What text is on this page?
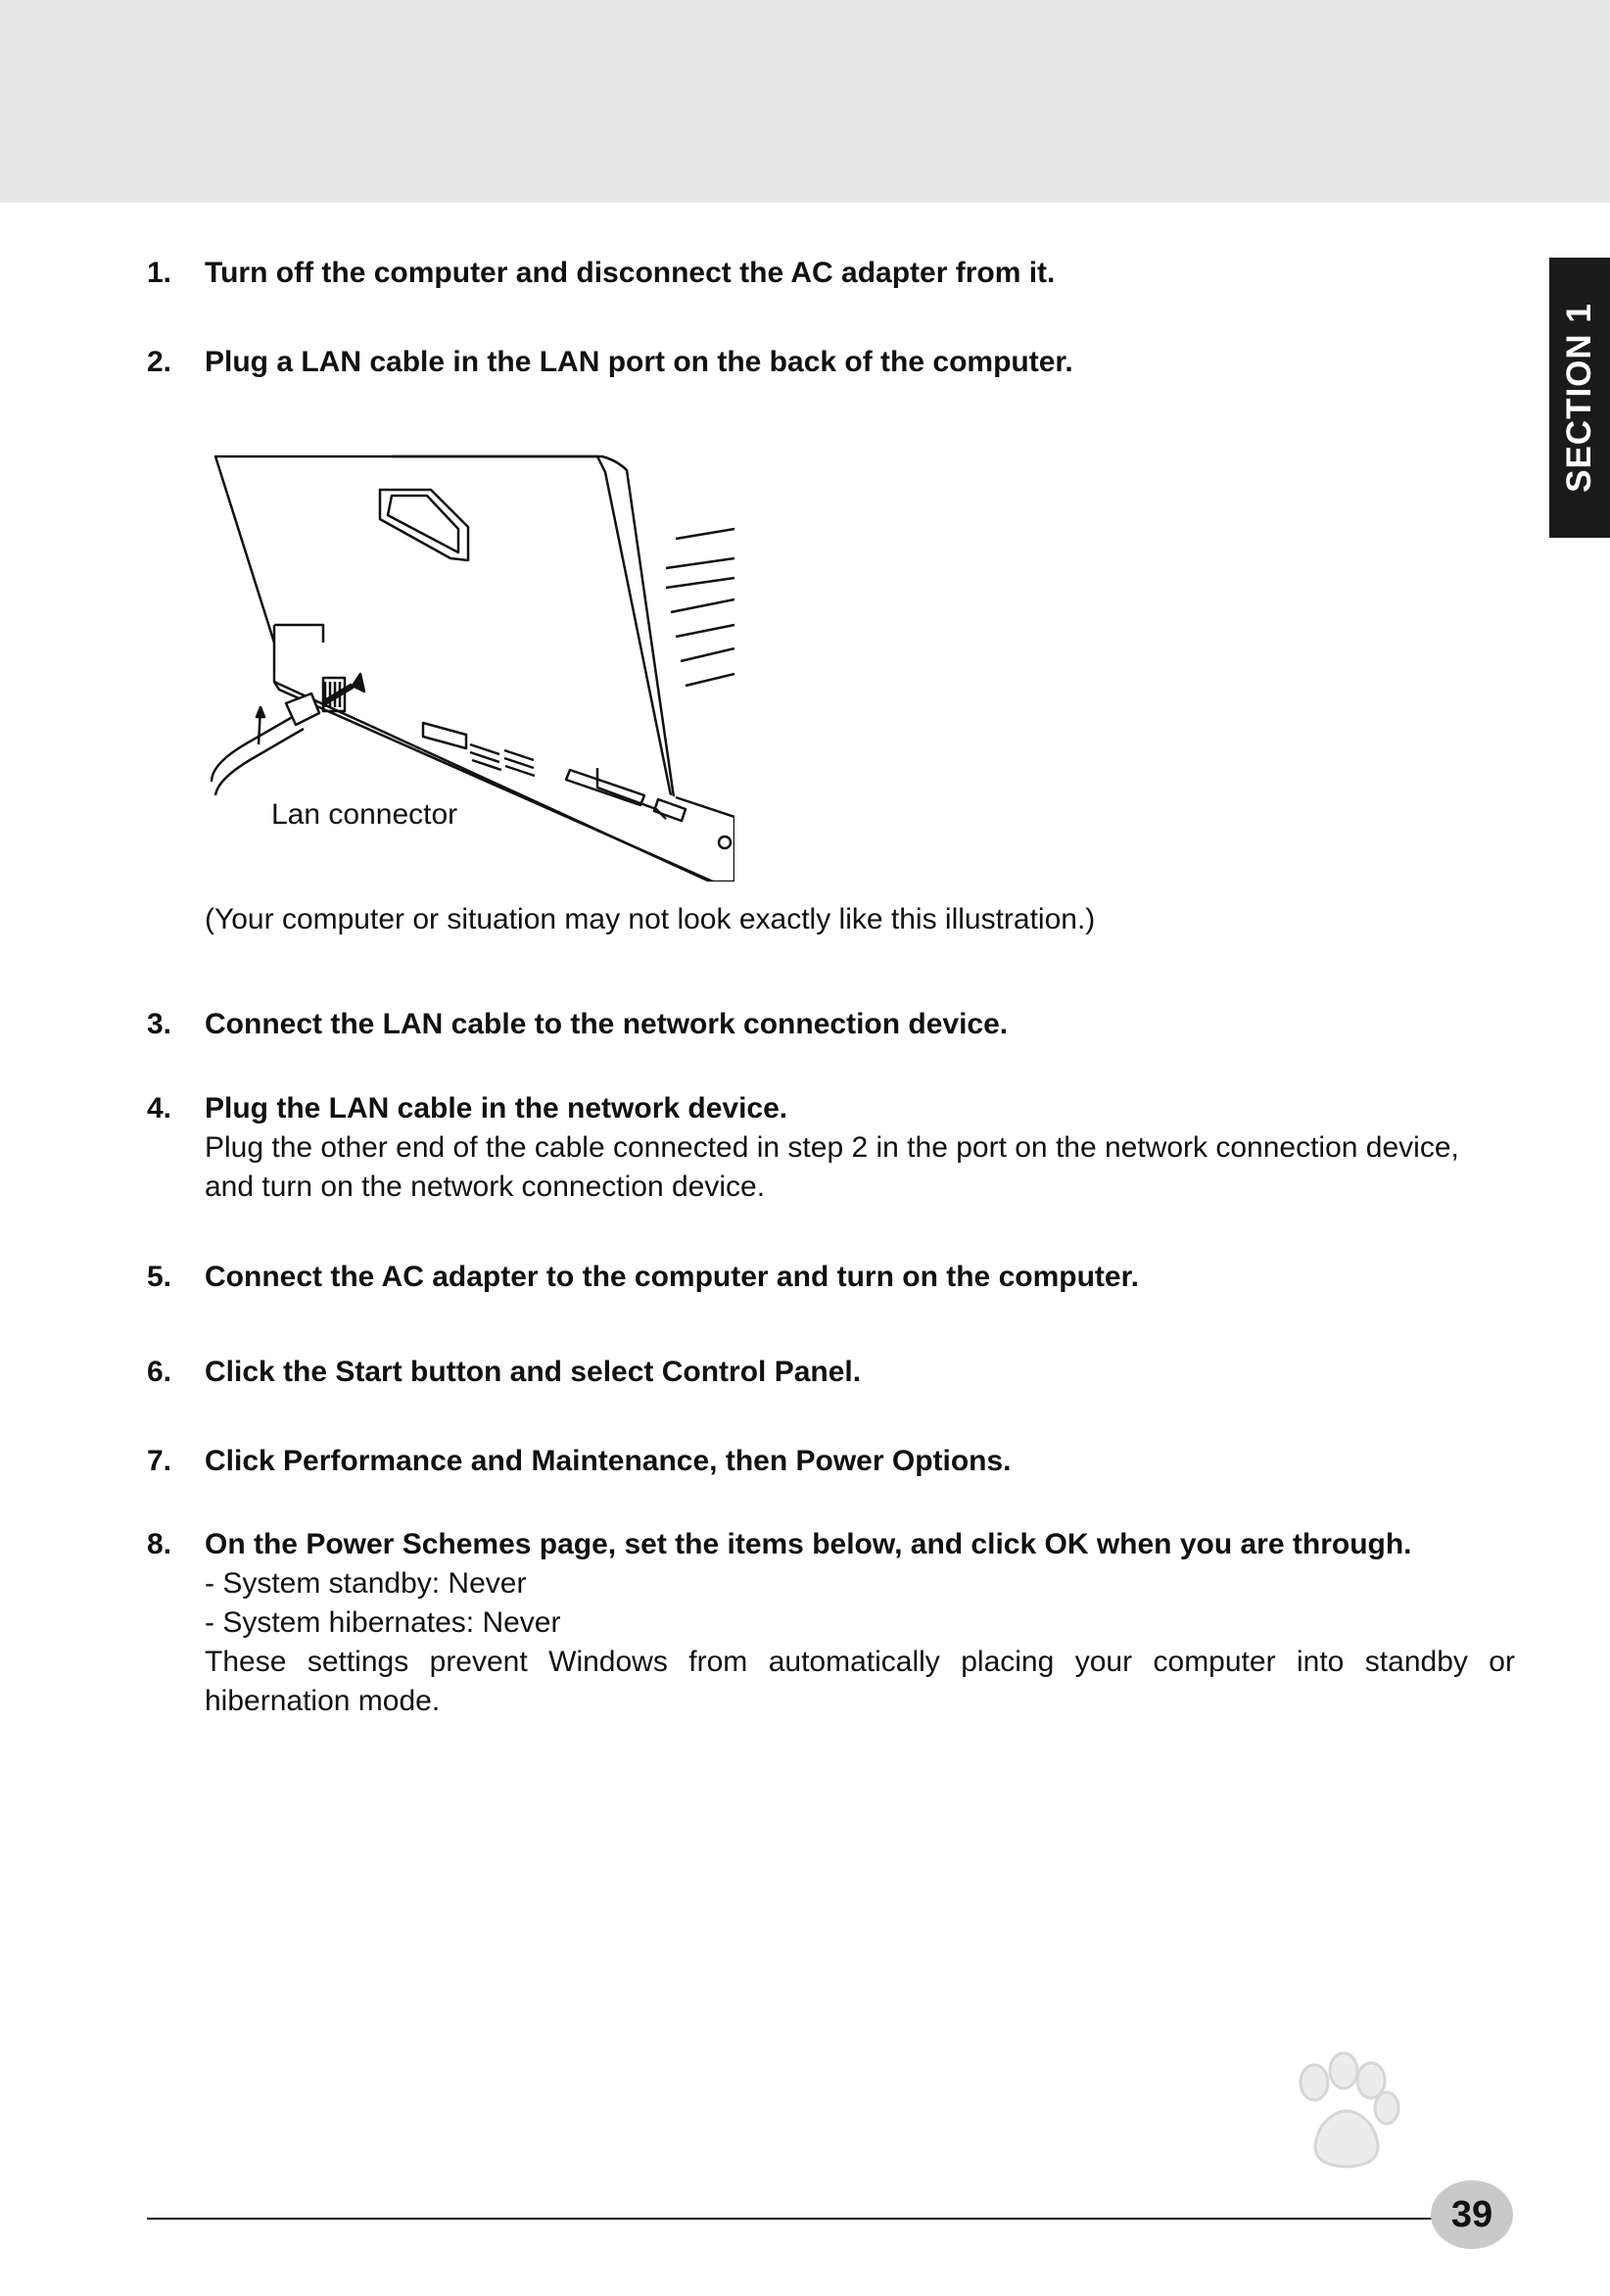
SECTION 1
1. Turn off the computer and disconnect the AC adapter from it.
2. Plug a LAN cable in the LAN port on the back of the computer.
Lan connector
(Your computer or situation may not look exactly like this illustration.)
3. Connect the LAN cable to the network connection device.
4. Plug the LAN cable in the network device.
Plug the other end of the cable connected in step 2 in the port on the network connection device,
and turn on the network connection device.
5. Connect the AC adapter to the computer and turn on the computer.
6. Click the Start button and select Control Panel.
7. Click Performance and Maintenance, then Power Options.
8. On the Power Schemes page, set the items below, and click OK when you are through.
- System standby: Never
- System hibernates: Never
These settings prevent Windows from automatically placing your computer into standby or hibernation mode.
39
